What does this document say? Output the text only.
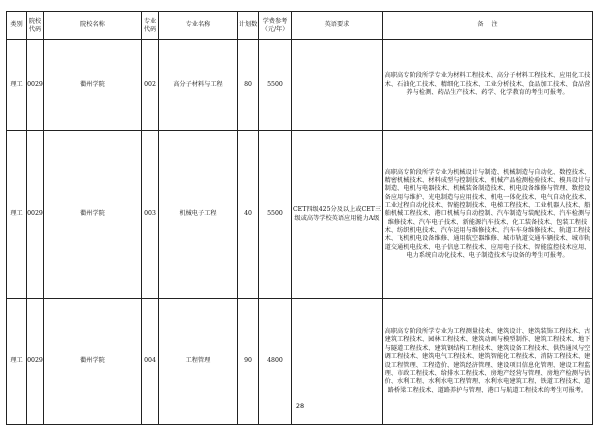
类别	院校代码	院校名称	专业代码	专业名称	计划数	学费参考（元/年）	英语要求	备    注
理工	0029	衢州学院	002	高分子材料与工程	80	5500		高职高专阶段所学专业为材料工程技术、高分子材料工程技术、应用化工技术、石油化工技术、精细化工技术、工业分析技术、食品加工技术、食品营养与检测、药品生产技术、药学、化学教育的考生可报考。

理工	0029	衢州学院	003	机械电子工程	40	5500	CET四级425分及以上或CET三级或高等学校英语应用能力A级	高职高专阶段所学专业为机械设计与制造、机械制造与自动化、数控技术、精密机械技术、材料成型与控制技术、机械产品检测检验技术、模具设计与制造、电机与电器技术、机械装备制造技术、机电设备维修与管理、数控设备应用与维护、光电制造与应用技术、机电一体化技术、电气自动化技术、工业过程自动化技术、智能控制技术、电梯工程技术、工业机器人技术、船舶机械工程技术、港口机械与自动控制、汽车制造与装配技术、汽车检测与维修技术、汽车电子技术、新能源汽车技术、化工装备技术、包装工程技术、纺织机电技术、汽车运用与维修技术、汽车车身维修技术、轨道工程技术、飞机机电设备维修、通用航空器维修、城市轨道交通车辆技术、城市轨道交通机电技术、电子信息工程技术、应用电子技术、智能监控技术应用、电力系统自动化技术、电子制造技术与设备的考生可报考。

理工	0029	衢州学院	004	工程管理	90	4800		高职高专阶段所学专业为工程测量技术、建筑设计、建筑装饰工程技术、古建筑工程技术、园林工程技术、建筑动画与模型制作、建筑工程技术、地下与隧道工程技术、建筑钢结构工程技术、建筑设备工程技术、供热通风与空调工程技术、建筑电气工程技术、建筑智能化工程技术、消防工程技术、建设工程管理、工程造价、建筑经济管理、建设项目信息化管理、建设工程监理、市政工程技术、给排水工程技术、房地产经营与管理、房地产检测与估价、水利工程、水利水电工程管理、水利水电建筑工程、铁道工程技术、道路桥梁工程技术、道路养护与管理、港口与航道工程技术的考生可报考。
28
